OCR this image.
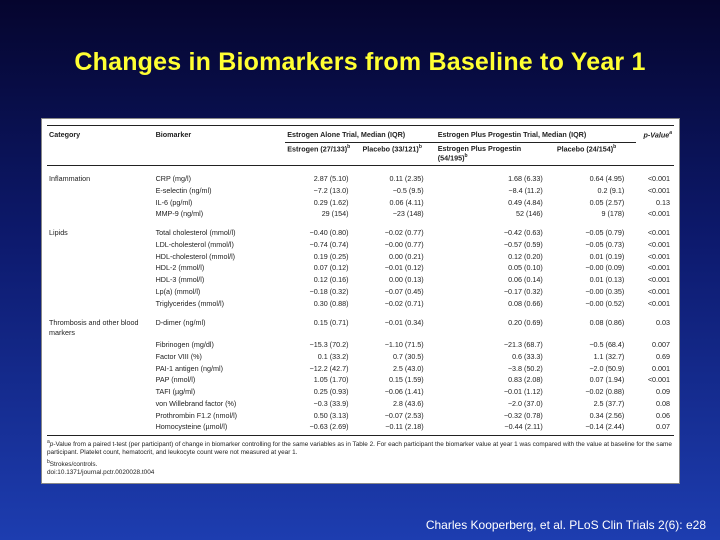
Changes in Biomarkers from Baseline to Year 1
Category	Biomarker	Estrogen Alone Trial, Median (IQR)		Estrogen Plus Progestin Trial, Median (IQR)		p-Value$^a$
		Estrogen $(27/133)^b$	Placebo $(33/121)^b$	Estrogen Plus Progestin $(54/195)^b$	Placebo $(24/154)^b$	

Inflammation	CRP (mg/l)	2.87 (5.10)	0.11 (2.35)	1.68 (6.33)	0.64 (4.95)	<0.001
	E-selectin (ng/ml)	−7.2 (13.0)	−0.5 (9.5)	−8.4 (11.2)	0.2 (9.1)	<0.001
	IL-6 (pg/ml)	0.29 (1.62)	0.06 (4.11)	0.49 (4.84)	0.05 (2.57)	0.13
	MMP-9 (ng/ml)	29 (154)	−23 (148)	52 (146)	9 (178)	<0.001

Lipids	Total cholesterol (mmol/l)	−0.40 (0.80)	−0.02 (0.77)	−0.42 (0.63)	−0.05 (0.79)	<0.001
	LDL-cholesterol (mmol/l)	−0.74 (0.74)	−0.00 (0.77)	−0.57 (0.59)	−0.05 (0.73)	<0.001
	HDL-cholesterol (mmol/l)	0.19 (0.25)	0.00 (0.21)	0.12 (0.20)	0.01 (0.19)	<0.001
	HDL-2 (mmol/l)	0.07 (0.12)	−0.01 (0.12)	0.05 (0.10)	−0.00 (0.09)	<0.001
	HDL-3 (mmol/l)	0.12 (0.16)	0.00 (0.13)	0.06 (0.14)	0.01 (0.13)	<0.001
	Lp(a) (mmol/l)	−0.18 (0.32)	−0.07 (0.45)	−0.17 (0.32)	−0.00 (0.35)	<0.001
	Triglycerides (mmol/l)	0.30 (0.88)	−0.02 (0.71)	0.08 (0.66)	−0.00 (0.52)	<0.001

Thrombosis and other blood markers	D-dimer (ng/ml)	0.15 (0.71)	−0.01 (0.34)	0.20 (0.69)	0.08 (0.86)	0.03
	Fibrinogen (mg/dl)	−15.3 (70.2)	−1.10 (71.5)	−21.3 (68.7)	−0.5 (68.4)	0.007
	Factor VIII (%)	0.1 (33.2)	0.7 (30.5)	0.6 (33.3)	1.1 (32.7)	0.69
	PAI-1 antigen (ng/ml)	−12.2 (42.7)	2.5 (43.0)	−3.8 (50.2)	−2.0 (50.9)	0.001
	PAP (nmol/l)	1.05 (1.70)	0.15 (1.59)	0.83 (2.08)	0.07 (1.94)	<0.001
	TAFI (µg/ml)	0.25 (0.93)	−0.06 (1.41)	−0.01 (1.12)	−0.02 (0.88)	0.09
	von Willebrand factor (%)	−0.3 (33.9)	2.8 (43.6)	−2.0 (37.0)	2.5 (37.7)	0.08
	Prothrombin F1.2 (nmol/l)	0.50 (3.13)	−0.07 (2.53)	−0.32 (0.78)	0.34 (2.56)	0.06
	Homocysteine (µmol/l)	−0.63 (2.69)	−0.11 (2.18)	−0.44 (2.11)	−0.14 (2.44)	0.07
$^a$p-Value from a paired t-test (per participant) of change in biomarker controlling for the same variables as in Table 2. For each participant the biomarker value at year 1 was compared with the value at baseline for the same participant. Platelet count, hematocrit, and leukocyte count were not measured at year 1.
$^b$Strokes/controls.
doi:10.1371/journal.pctr.0020028.t004
Charles Kooperberg, et al. PLoS Clin Trials 2(6): e28
